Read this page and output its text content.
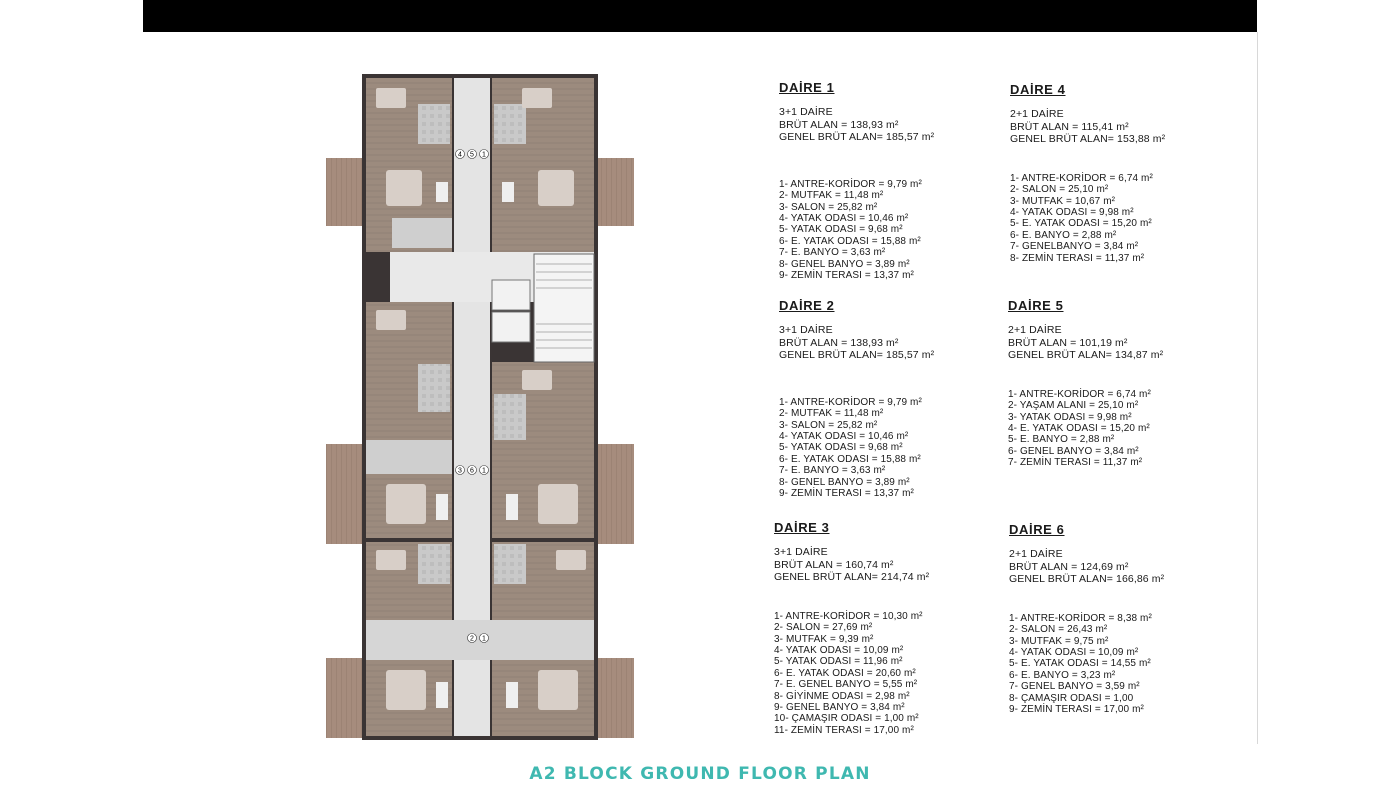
4 5 1
3 6 1
2 1
DAİRE 1
3+1 DAİRE
BRÜT ALAN = 138,93 m²
GENEL BRÜT ALAN= 185,57 m²
1- ANTRE-KORİDOR = 9,79 m²
2- MUTFAK = 11,48 m²
3- SALON = 25,82 m²
4- YATAK ODASI = 10,46 m²
5- YATAK ODASI = 9,68 m²
6- E. YATAK ODASI = 15,88 m²
7- E. BANYO = 3,63 m²
8- GENEL BANYO = 3,89 m²
9- ZEMİN TERASI = 13,37 m²
DAİRE 2
3+1 DAİRE
BRÜT ALAN = 138,93 m²
GENEL BRÜT ALAN= 185,57 m²
1- ANTRE-KORİDOR = 9,79 m²
2- MUTFAK = 11,48 m²
3- SALON = 25,82 m²
4- YATAK ODASI = 10,46 m²
5- YATAK ODASI = 9,68 m²
6- E. YATAK ODASI = 15,88 m²
7- E. BANYO = 3,63 m²
8- GENEL BANYO = 3,89 m²
9- ZEMİN TERASI = 13,37 m²
DAİRE 3
3+1 DAİRE
BRÜT ALAN = 160,74 m²
GENEL BRÜT ALAN= 214,74 m²
1- ANTRE-KORİDOR = 10,30 m²
2- SALON = 27,69 m²
3- MUTFAK = 9,39 m²
4- YATAK ODASI = 10,09 m²
5- YATAK ODASI = 11,96 m²
6- E. YATAK ODASI = 20,60 m²
7- E. GENEL BANYO = 5,55 m²
8- GİYİNME ODASI = 2,98 m²
9- GENEL BANYO = 3,84 m²
10- ÇAMAŞIR ODASI = 1,00 m²
11- ZEMİN TERASI = 17,00 m²
DAİRE 4
2+1 DAİRE
BRÜT ALAN = 115,41 m²
GENEL BRÜT ALAN= 153,88 m²
1- ANTRE-KORİDOR = 6,74 m²
2- SALON = 25,10 m²
3- MUTFAK = 10,67 m²
4- YATAK ODASI = 9,98 m²
5- E. YATAK ODASI = 15,20 m²
6- E. BANYO = 2,88 m²
7- GENELBANYO = 3,84 m²
8- ZEMİN TERASI = 11,37 m²
DAİRE 5
2+1 DAİRE
BRÜT ALAN = 101,19 m²
GENEL BRÜT ALAN= 134,87 m²
1- ANTRE-KORİDOR = 6,74 m²
2- YAŞAM ALANI = 25,10 m²
3- YATAK ODASI = 9,98 m²
4- E. YATAK ODASI = 15,20 m²
5- E. BANYO = 2,88 m²
6- GENEL BANYO = 3,84 m²
7- ZEMİN TERASI = 11,37 m²
DAİRE 6
2+1 DAİRE
BRÜT ALAN = 124,69 m²
GENEL BRÜT ALAN= 166,86 m²
1- ANTRE-KORİDOR = 8,38 m²
2- SALON = 26,43 m²
3- MUTFAK = 9,75 m²
4- YATAK ODASI = 10,09 m²
5- E. YATAK ODASI = 14,55 m²
6- E. BANYO = 3,23 m²
7- GENEL BANYO = 3,59 m²
8- ÇAMAŞIR ODASI = 1,00
9- ZEMİN TERASI = 17,00 m²
A2 BLOCK GROUND FLOOR PLAN
